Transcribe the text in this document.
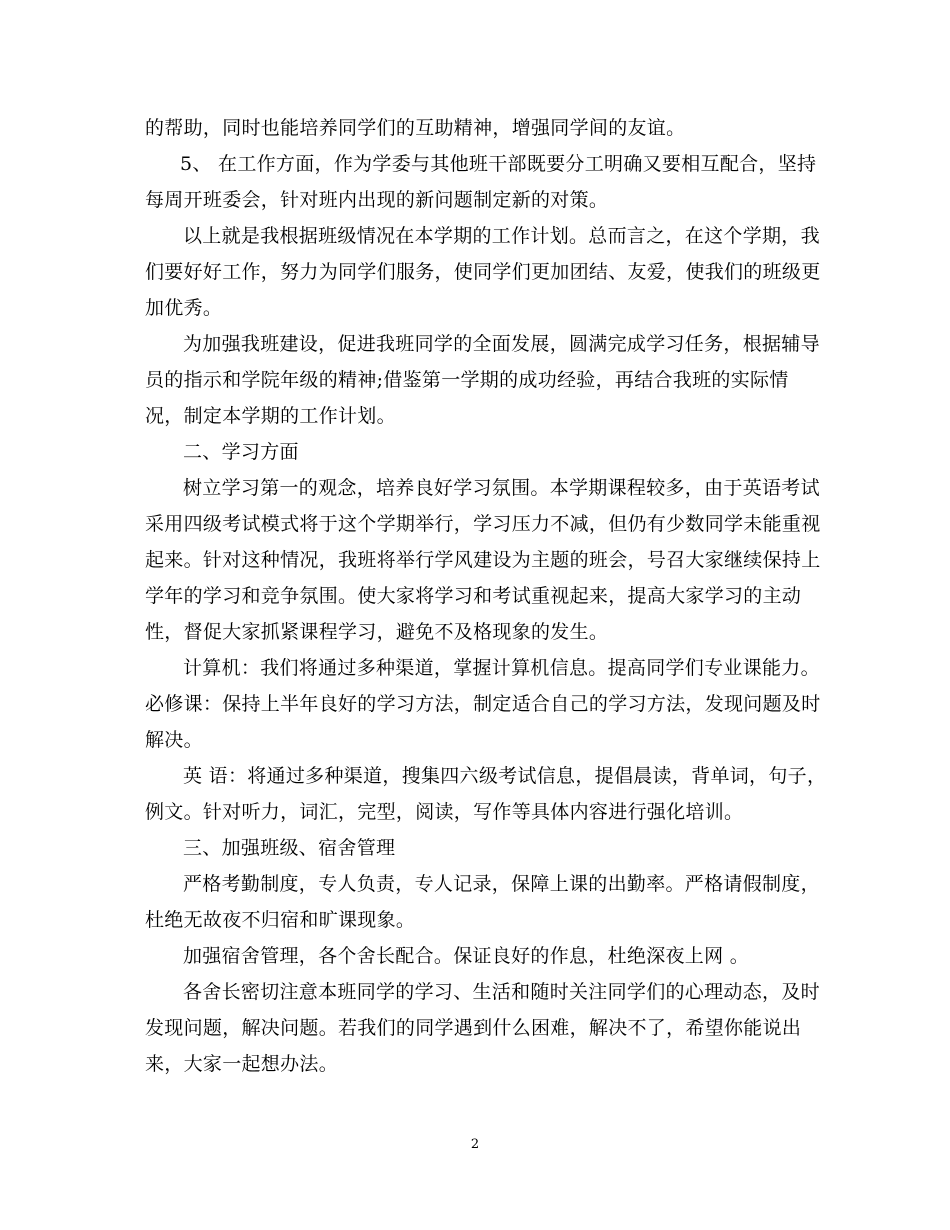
的帮助，同时也能培养同学们的互助精神，增强同学间的友谊。
5、 在工作方面，作为学委与其他班干部既要分工明确又要相互配合，坚持
每周开班委会，针对班内出现的新问题制定新的对策。
以上就是我根据班级情况在本学期的工作计划。总而言之，在这个学期，我
们要好好工作，努力为同学们服务，使同学们更加团结、友爱，使我们的班级更
加优秀。
为加强我班建设，促进我班同学的全面发展，圆满完成学习任务，根据辅导
员的指示和学院年级的精神;借鉴第一学期的成功经验，再结合我班的实际情
况，制定本学期的工作计划。
二、学习方面
树立学习第一的观念，培养良好学习氛围。本学期课程较多，由于英语考试
采用四级考试模式将于这个学期举行，学习压力不减，但仍有少数同学未能重视
起来。针对这种情况，我班将举行学风建设为主题的班会，号召大家继续保持上
学年的学习和竞争氛围。使大家将学习和考试重视起来，提高大家学习的主动
性，督促大家抓紧课程学习，避免不及格现象的发生。
计算机：我们将通过多种渠道，掌握计算机信息。提高同学们专业课能力。
必修课：保持上半年良好的学习方法，制定适合自己的学习方法，发现问题及时
解决。
英 语：将通过多种渠道，搜集四六级考试信息，提倡晨读，背单词，句子，
例文。针对听力，词汇，完型，阅读，写作等具体内容进行强化培训。
三、加强班级、宿舍管理
严格考勤制度，专人负责，专人记录，保障上课的出勤率。严格请假制度，
杜绝无故夜不归宿和旷课现象。
加强宿舍管理，各个舍长配合。保证良好的作息，杜绝深夜上网 。
各舍长密切注意本班同学的学习、生活和随时关注同学们的心理动态，及时
发现问题，解决问题。若我们的同学遇到什么困难，解决不了，希望你能说出
来，大家一起想办法。
2
